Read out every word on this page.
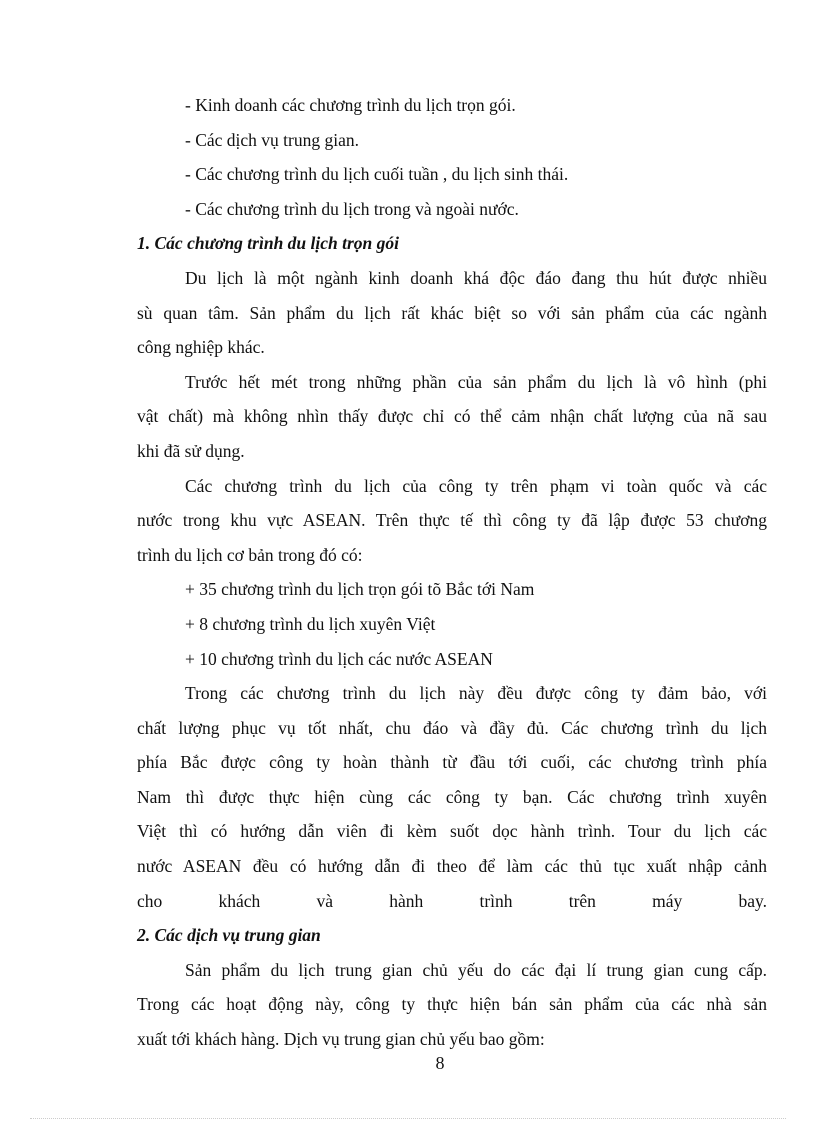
- Kinh doanh các chương trình du lịch trọn gói.
- Các dịch vụ trung gian.
- Các chương trình du lịch cuối tuần , du lịch sinh thái.
- Các chương trình du lịch trong và ngoài nước.
1. Các chương trình du lịch trọn gói
Du lịch là một ngành kinh doanh khá độc đáo đang thu hút được nhiều
sù quan tâm. Sản phẩm du lịch rất khác biệt so với sản phẩm của các ngành
công nghiệp khác.
Trước hết mét trong những phần của sản phẩm du lịch là vô hình (phi
vật chất) mà không nhìn thấy được chỉ có thể cảm nhận chất lượng của nã sau
khi đã sử dụng.
Các chương trình du lịch của công ty trên phạm vi toàn quốc và các
nước trong khu vực ASEAN. Trên thực tế thì công ty đã lập được 53 chương
trình du lịch cơ bản trong đó có:
+ 35 chương trình du lịch trọn gói tõ Bắc tới Nam
+ 8 chương trình du lịch xuyên Việt
+ 10 chương trình du lịch các nước ASEAN
Trong các chương trình du lịch này đều được công ty đảm bảo, với
chất lượng phục vụ tốt nhất, chu đáo và đầy đủ. Các chương trình du lịch
phía Bắc được công ty hoàn thành từ đầu tới cuối, các chương trình phía
Nam thì được thực hiện cùng các công ty bạn. Các chương trình xuyên
Việt thì có hướng dẫn viên đi kèm suốt dọc hành trình. Tour du lịch các
nước ASEAN đều có hướng dẫn đi theo để làm các thủ tục xuất nhập cảnh
cho khách và hành trình trên máy bay.
2. Các dịch vụ trung gian
Sản phẩm du lịch trung gian chủ yếu do các đại lí trung gian cung cấp.
Trong các hoạt động này, công ty thực hiện bán sản phẩm của các nhà sản
xuất tới khách hàng. Dịch vụ trung gian chủ yếu bao gồm:
8
